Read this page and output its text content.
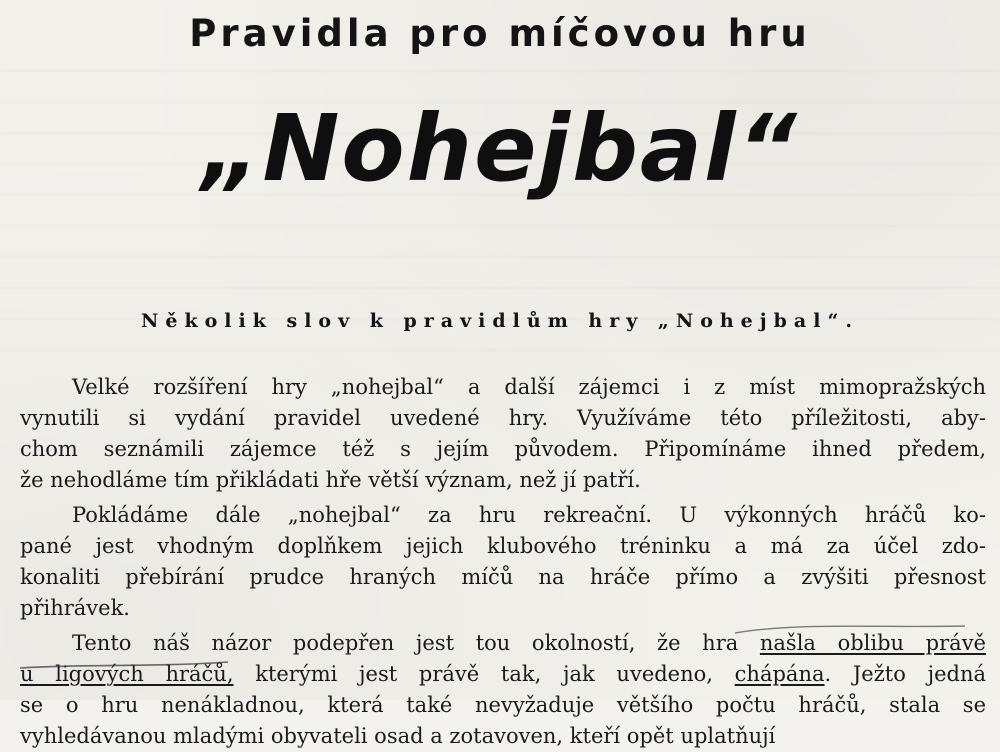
Pravidla pro míčovou hru
„Nohejbal“
Několik slov k pravidlům hry „Nohejbal“.

Velké rozšíření hry „nohejbal“ a další zájemci i z míst mimopražských
vynutili si vydání pravidel uvedené hry. Využíváme této příležitosti, aby-
chom seznámili zájemce též s jejím původem. Připomínáme ihned předem,
že nehodláme tím přikládati hře větší význam, než jí patří.

Pokládáme dále „nohejbal“ za hru rekreační. U výkonných hráčů ko-
pané jest vhodným doplňkem jejich klubového tréninku a má za účel zdo-
konaliti přebírání prudce hraných míčů na hráče přímo a zvýšiti přesnost
přihrávek.

Tento náš názor podepřen jest tou okolností, že hra našla oblibu právě
u ligových hráčů, kterými jest právě tak, jak uvedeno, chápána. Ježto jedná
se o hru nenákladnou, která také nevyžaduje většího počtu hráčů, stala se
vyhledávanou mladými obyvateli osad a zotavoven, kteří opět uplatňují
